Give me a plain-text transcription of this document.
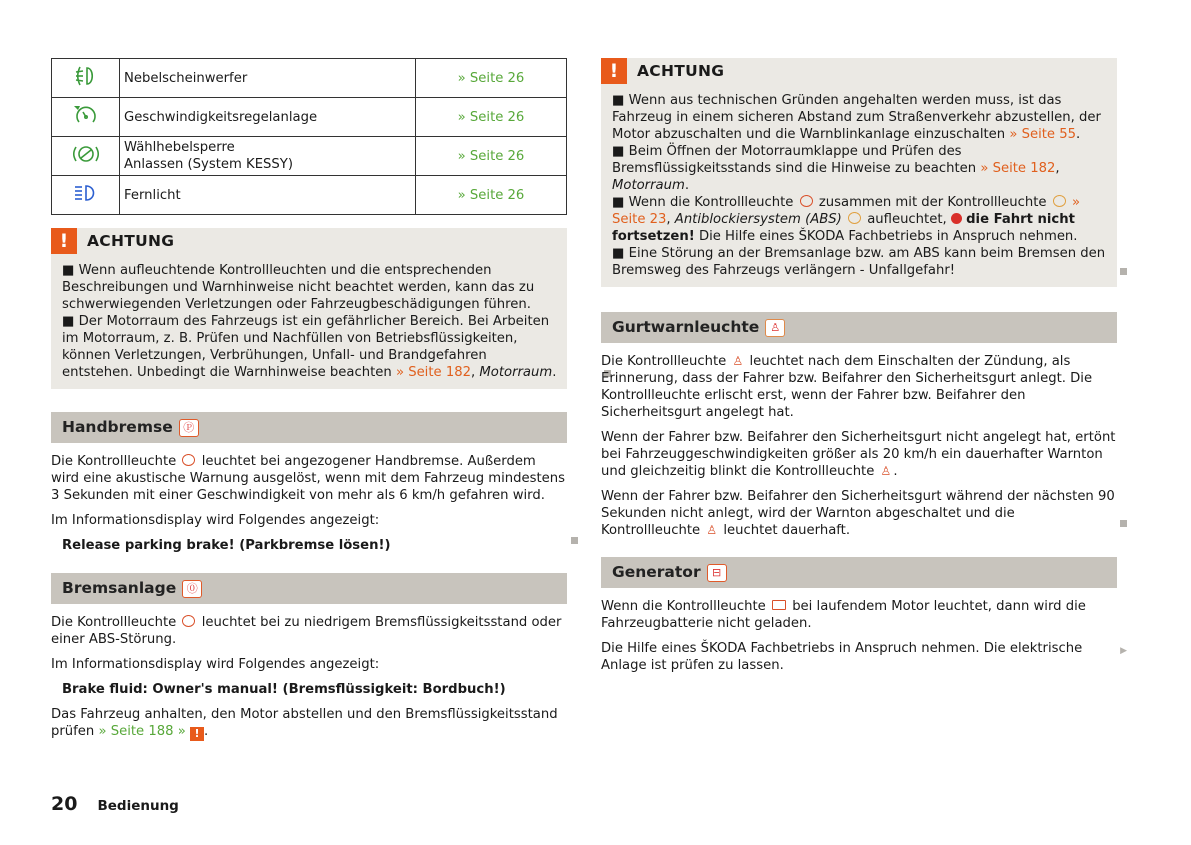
	Nebelscheinwerfer	» Seite 26
	Geschwindigkeitsregelanlage	» Seite 26

Wählhebelsperre
Anlassen (System KESSY)	» Seite 26
	Fernlicht	» Seite 26
!	ACHTUNG
■ Wenn aufleuchtende Kontrollleuchten und die entsprechenden Beschreibungen und Warnhinweise nicht beachtet werden, kann das zu schwerwiegenden Verletzungen oder Fahrzeugbeschädigungen führen.
■ Der Motorraum des Fahrzeugs ist ein gefährlicher Bereich. Bei Arbeiten im Motorraum, z. B. Prüfen und Nachfüllen von Betriebsflüssigkeiten, können Verletzungen, Verbrühungen, Unfall- und Brandgefahren entstehen. Unbedingt die Warnhinweise beachten » Seite 182, Motorraum.
Handbremse Ⓟ

Die Kontrollleuchte leuchtet bei angezogener Handbremse. Außerdem wird eine akustische Warnung ausgelöst, wenn mit dem Fahrzeug mindestens 3 Sekunden mit einer Geschwindigkeit von mehr als 6 km/h gefahren wird.

Im Informationsdisplay wird Folgendes angezeigt:

Release parking brake! (Parkbremse lösen!)

Bremsanlage ⓪

Die Kontrollleuchte leuchtet bei zu niedrigem Bremsflüssigkeitsstand oder einer ABS-Störung.

Im Informationsdisplay wird Folgendes angezeigt:

Brake fluid: Owner's manual! (Bremsflüssigkeit: Bordbuch!)

Das Fahrzeug anhalten, den Motor abstellen und den Bremsflüssigkeitsstand prüfen » Seite 188 » ! .

!	ACHTUNG
■ Wenn aus technischen Gründen angehalten werden muss, ist das Fahrzeug in einem sicheren Abstand zum Straßenverkehr abzustellen, der Motor abzuschalten und die Warnblinkanlage einzuschalten » Seite 55.
■ Beim Öffnen der Motorraumklappe und Prüfen des Bremsflüssigkeitsstands sind die Hinweise zu beachten » Seite 182, Motorraum.
■ Wenn die Kontrollleuchte zusammen mit der Kontrollleuchte » Seite 23, Antiblockiersystem (ABS) aufleuchtet, die Fahrt nicht fortsetzen! Die Hilfe eines ŠKODA Fachbetriebs in Anspruch nehmen.
■ Eine Störung an der Bremsanlage bzw. am ABS kann beim Bremsen den Bremsweg des Fahrzeugs verlängern - Unfallgefahr!
Gurtwarnleuchte	♙

Die Kontrollleuchte ♙ leuchtet nach dem Einschalten der Zündung, als Erinnerung, dass der Fahrer bzw. Beifahrer den Sicherheitsgurt anlegt. Die Kontrollleuchte erlischt erst, wenn der Fahrer bzw. Beifahrer den Sicherheitsgurt angelegt hat.

Wenn der Fahrer bzw. Beifahrer den Sicherheitsgurt nicht angelegt hat, ertönt bei Fahrzeuggeschwindigkeiten größer als 20 km/h ein dauerhafter Warnton und gleichzeitig blinkt die Kontrollleuchte ♙ .

Wenn der Fahrer bzw. Beifahrer den Sicherheitsgurt während der nächsten 90 Sekunden nicht anlegt, wird der Warnton abgeschaltet und die Kontrollleuchte ♙ leuchtet dauerhaft.

Generator	⊟

Wenn die Kontrollleuchte bei laufendem Motor leuchtet, dann wird die Fahrzeugbatterie nicht geladen.

Die Hilfe eines ŠKODA Fachbetriebs in Anspruch nehmen. Die elektrische Anlage ist prüfen zu lassen.

▶
20 Bedienung
